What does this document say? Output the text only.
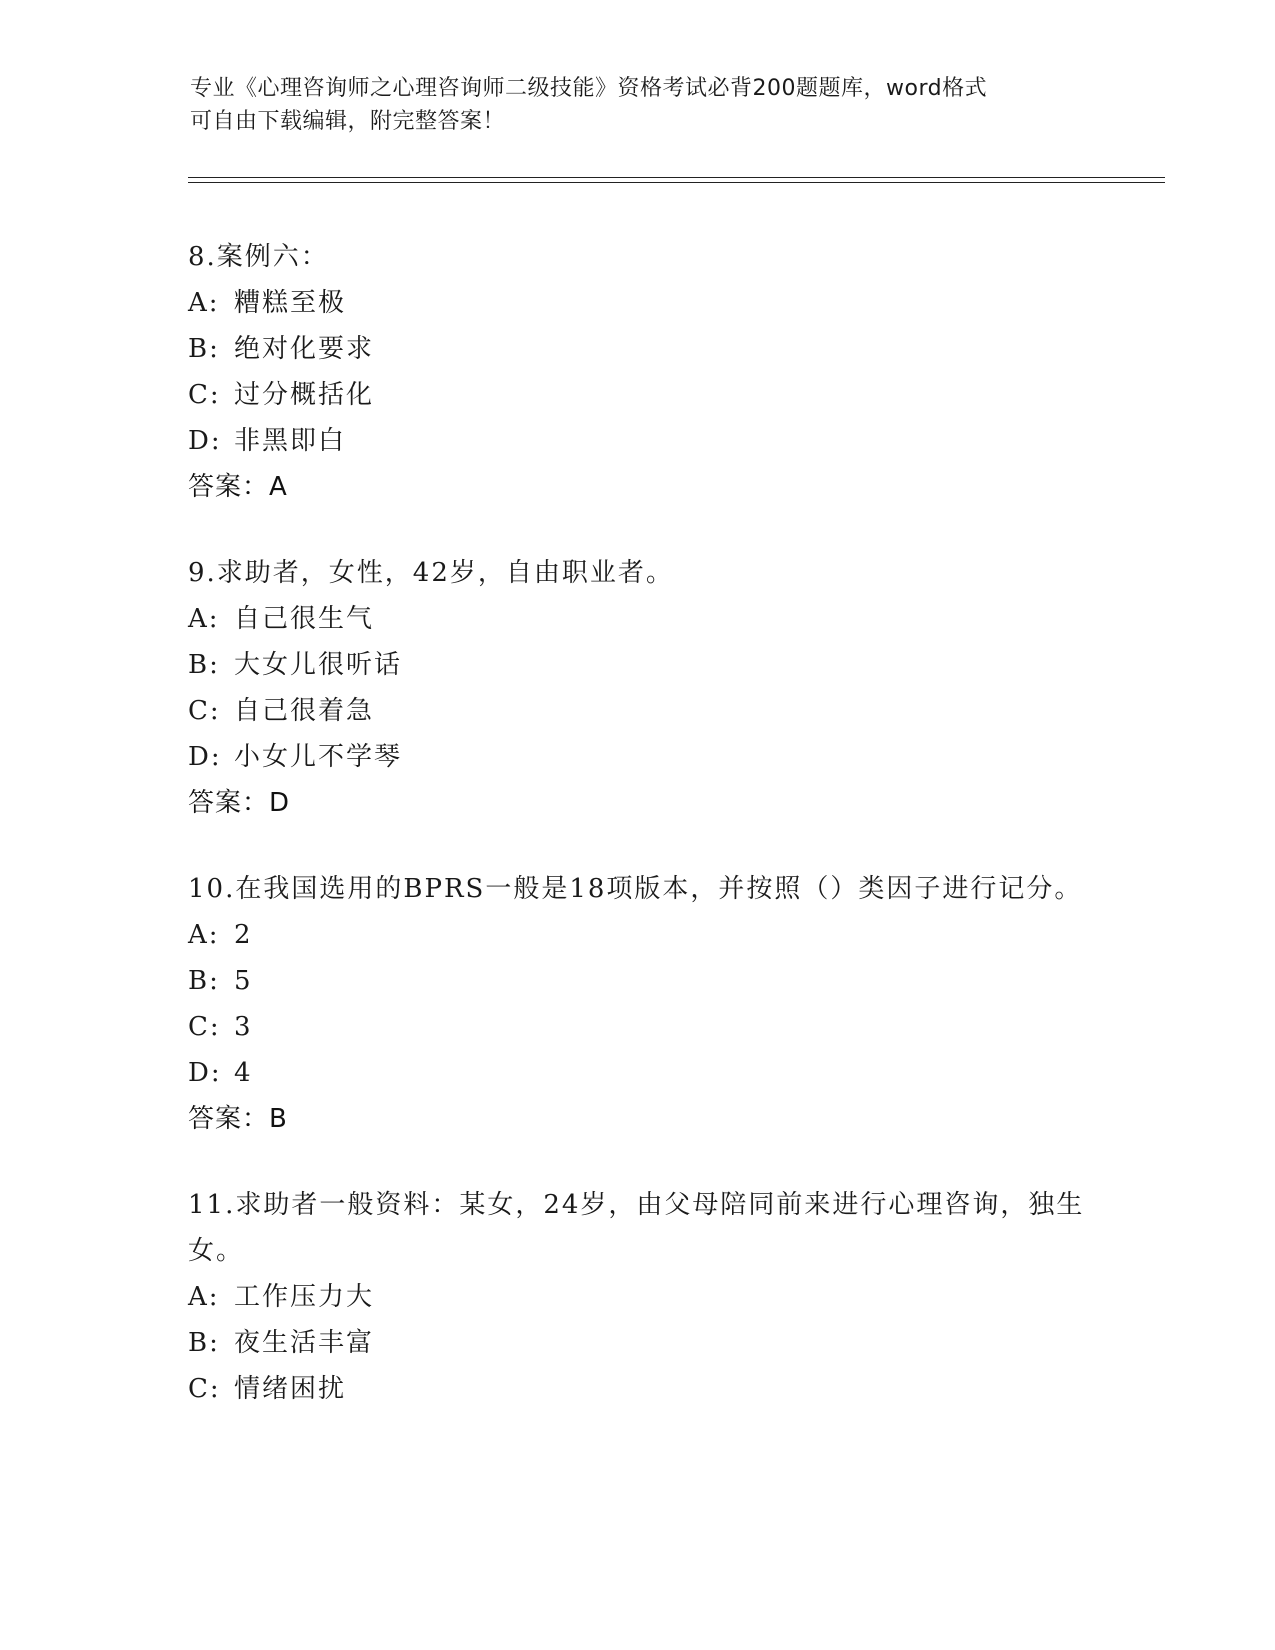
专业《心理咨询师之心理咨询师二级技能》资格考试必背200题题库，word格式
可自由下载编辑，附完整答案！
8.案例六：
A: 糟糕至极
B: 绝对化要求
C: 过分概括化
D: 非黑即白
答案：A
9.求助者，女性，42岁，自由职业者。
A: 自己很生气
B: 大女儿很听话
C: 自己很着急
D: 小女儿不学琴
答案：D
10.在我国选用的BPRS一般是18项版本，并按照（）类因子进行记分。
A: 2
B: 5
C: 3
D: 4
答案：B
11.求助者一般资料：某女，24岁，由父母陪同前来进行心理咨询，独生女。
A: 工作压力大
B: 夜生活丰富
C: 情绪困扰
